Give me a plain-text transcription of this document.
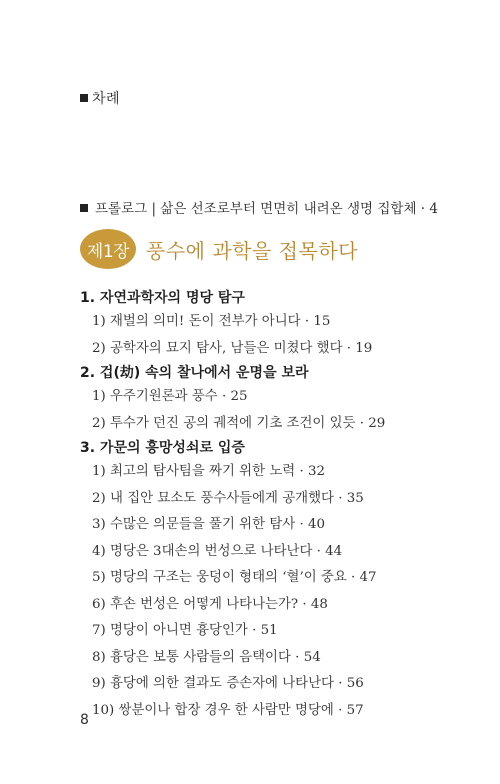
차례
프롤로그 | 삶은 선조로부터 면면히 내려온 생명 집합체 · 4
제1장 풍수에 과학을 접목하다
1. 자연과학자의 명당 탐구
1) 재벌의 의미! 돈이 전부가 아니다 · 15
2) 공학자의 묘지 탐사, 남들은 미쳤다 했다 · 19
2. 겁(劫) 속의 찰나에서 운명을 보라
1) 우주기원론과 풍수 · 25
2) 투수가 던진 공의 궤적에 기초 조건이 있듯 · 29
3. 가문의 흥망성쇠로 입증
1) 최고의 탐사팀을 짜기 위한 노력 · 32
2) 내 집안 묘소도 풍수사들에게 공개했다 · 35
3) 수많은 의문들을 풀기 위한 탐사 · 40
4) 명당은 3대손의 번성으로 나타난다 · 44
5) 명당의 구조는 웅덩이 형태의 ‘혈’이 중요 · 47
6) 후손 번성은 어떻게 나타나는가? · 48
7) 명당이 아니면 흉당인가 · 51
8) 흉당은 보통 사람들의 음택이다 · 54
9) 흉당에 의한 결과도 증손자에 나타난다 · 56
10) 쌍분이나 합장 경우 한 사람만 명당에 · 57
8
